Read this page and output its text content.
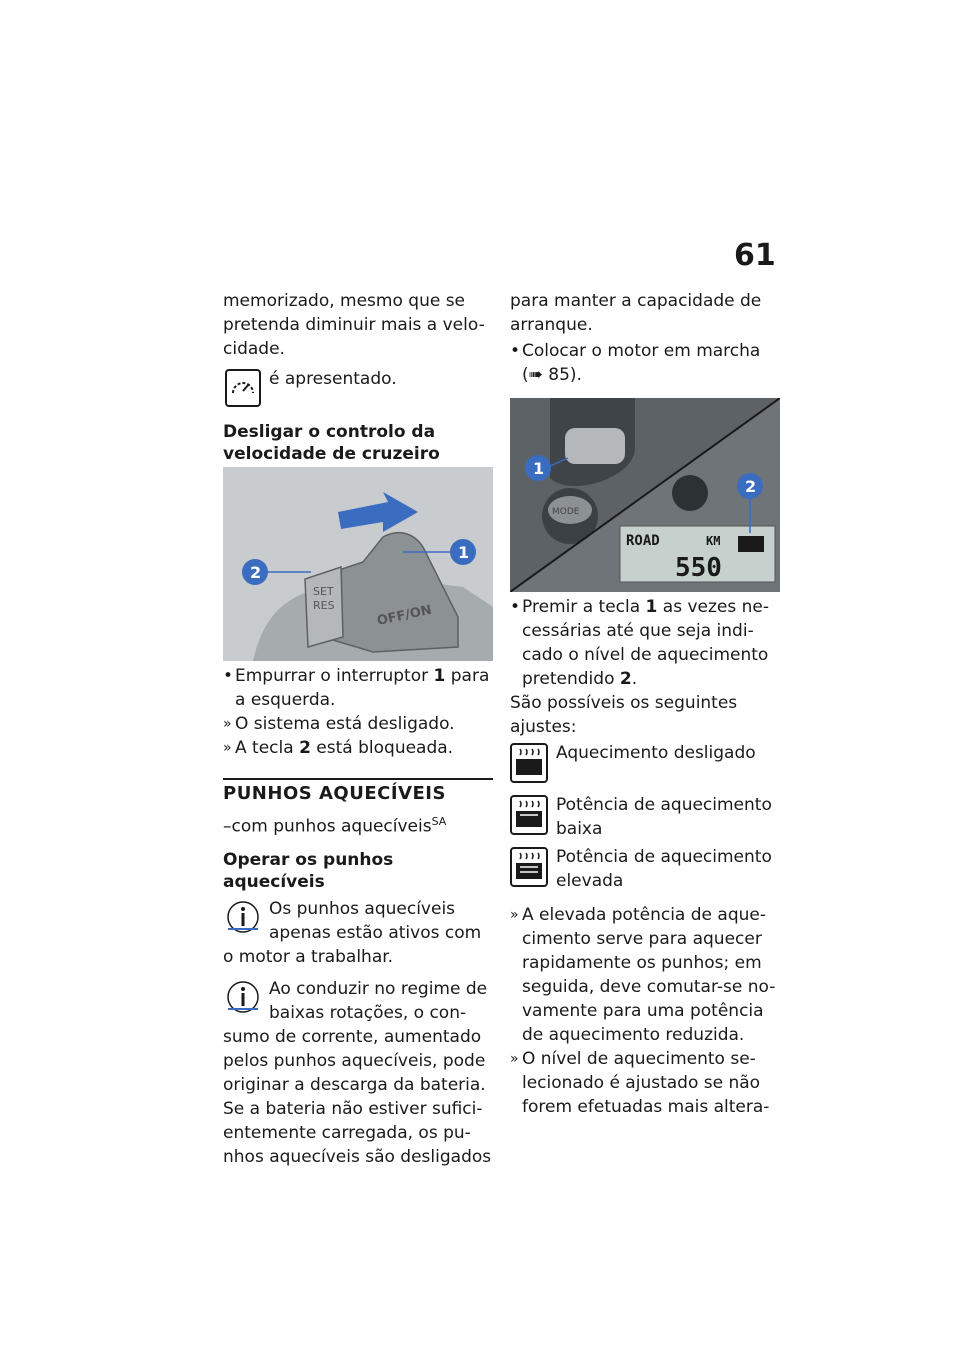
61

memorizado, mesmo que se pretenda diminuir mais a velo-cidade.

é apresentado.

Desligar o controlo da velocidade de cruzeiro

SET
RES	OFF/ON
1
2

• Empurrar o interruptor 1 para a esquerda.

» O sistema está desligado.

» A tecla 2 está bloqueada.

PUNHOS AQUECÍVEIS

–com punhos aquecíveis$^{SA}$

Operar os punhos aquecíveis

Os punhos aquecíveis apenas estão ativos com o motor a trabalhar.

Ao conduzir no regime de baixas rotações, o con-sumo de corrente, aumentado pelos punhos aquecíveis, pode originar a descarga da bateria. Se a bateria não estiver sufici-entemente carregada, os pu-nhos aquecíveis são desligados

para manter a capacidade de arranque.

• Colocar o motor em marcha
(➠ 85).

MODE
ROAD	KM
550
1
2

• Premir a tecla 1 as vezes ne-cessárias até que seja indi-cado o nível de aquecimento pretendido 2.

São possíveis os seguintes ajustes:

Aquecimento desligado

Potência de aquecimento baixa

Potência de aquecimento elevada

» A elevada potência de aque-cimento serve para aquecer rapidamente os punhos; em seguida, deve comutar-se no-vamente para uma potência de aquecimento reduzida.

» O nível de aquecimento se-lecionado é ajustado se não forem efetuadas mais altera-
